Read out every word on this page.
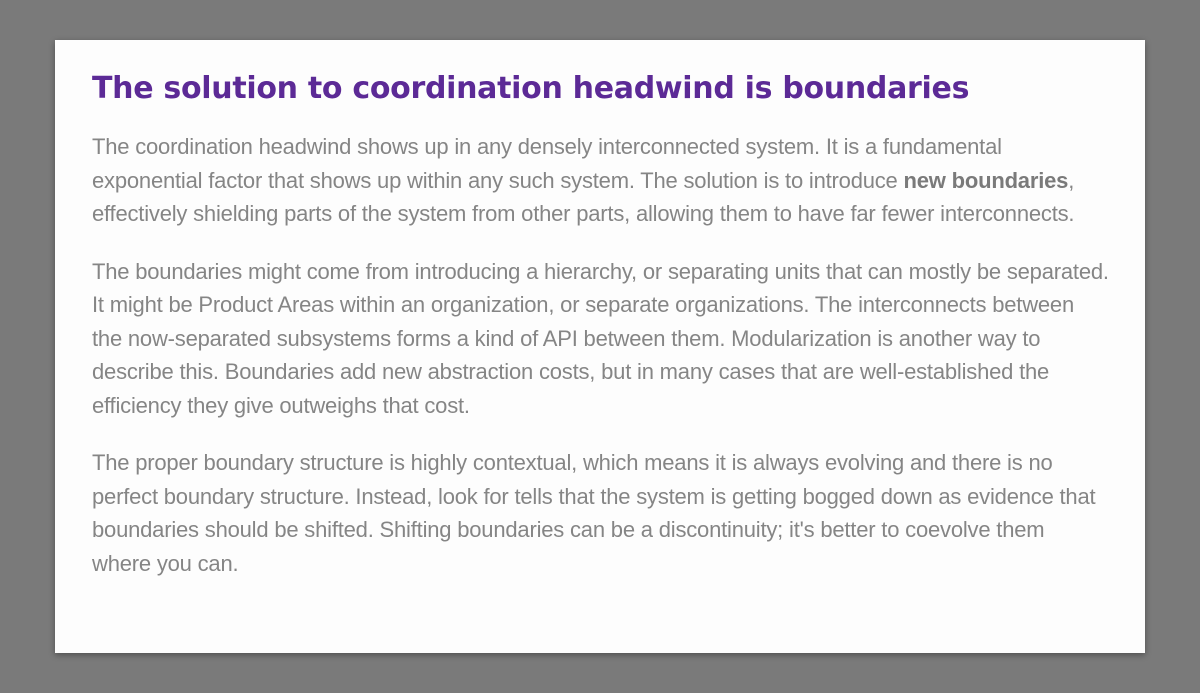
The solution to coordination headwind is boundaries

The coordination headwind shows up in any densely interconnected system. It is a fundamental exponential factor that shows up within any such system. The solution is to introduce new boundaries, effectively shielding parts of the system from other parts, allowing them to have far fewer interconnects.

The boundaries might come from introducing a hierarchy, or separating units that can mostly be separated. It might be Product Areas within an organization, or separate organizations. The interconnects between the now-separated subsystems forms a kind of API between them. Modularization is another way to describe this. Boundaries add new abstraction costs, but in many cases that are well-established the efficiency they give outweighs that cost.

The proper boundary structure is highly contextual, which means it is always evolving and there is no perfect boundary structure. Instead, look for tells that the system is getting bogged down as evidence that boundaries should be shifted. Shifting boundaries can be a discontinuity; it's better to coevolve them where you can.
